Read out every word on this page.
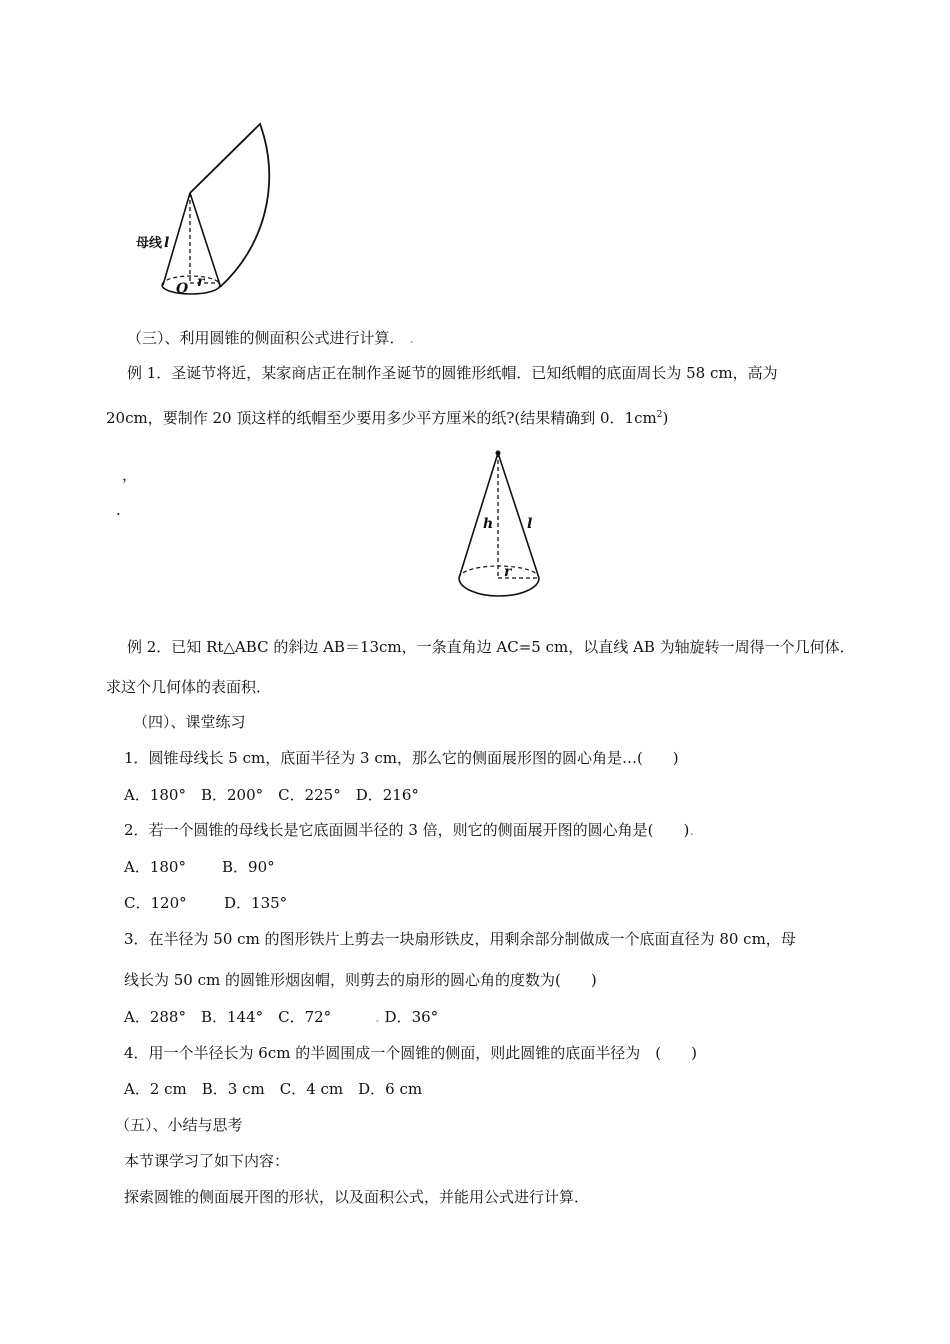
母线 l
O r
（三）、利用圆锥的侧面积公式进行计算． .
例 1．圣诞节将近，某家商店正在制作圣诞节的圆锥形纸帽．已知纸帽的底面周长为 58 cm，高为
20cm，要制作 20 顶这样的纸帽至少要用多少平方厘米的纸?(结果精确到 0．$1cm^2$)
，
.
h l
r
例 2．已知 Rt△ABC 的斜边 AB＝13cm，一条直角边 AC=5 cm，以直线 AB 为轴旋转一周得一个几何体．
求这个几何体的表面积．
（四）、课堂练习
1．圆锥母线长 5 cm，底面半径为 3 cm，那么它的侧面展形图的圆心角是…(　　)
A．180°　B．200°　C．225°　D．216°
2．若一个圆锥的母线长是它底面圆半径的 3 倍，则它的侧面展开图的圆心角是(　　).
A．180° B．90°
C．120° D．135°
3．在半径为 50 cm 的图形铁片上剪去一块扇形铁皮，用剩余部分制做成一个底面直径为 80 cm，母
线长为 50 cm 的圆锥形烟囱帽，则剪去的扇形的圆心角的度数为(　　)
A．288°　B．144°　C．72°	. D．36°
4．用一个半径长为 6cm 的半圆围成一个圆锥的侧面，则此圆锥的底面半径为　(　　)
A．2 cm　B．3 cm　C．4 cm　D．6 cm
（五）、小结与思考
本节课学习了如下内容：
探索圆锥的侧面展开图的形状，以及面积公式，并能用公式进行计算．
